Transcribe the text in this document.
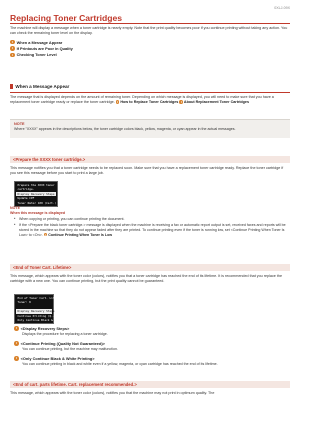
0XLJ-09X
Replacing Toner Cartridges
The machine will display a message when a toner cartridge is nearly empty. Note that the print quality becomes poor if you continue printing without taking any action. You can check the remaining toner level on the display.
When a Message Appear
If Printouts are Poor in Quality
Checking Toner Level
When a Message Appear
The message that is displayed depends on the amount of remaining toner. Depending on which message is displayed, you will need to make sure that you have a replacement toner cartridge ready or replace the toner cartridge. How to Replace Toner Cartridges About Replacement Toner Cartridges
NOTE
Where "XXXX" appears in the descriptions below, the toner cartridge colors black, yellow, magenta, or cyan appear in the actual messages.
<Prepare the XXXX toner cartridge.>
This message notifies you that a toner cartridge needs to be replaced soon. Make sure that you have a replacement toner cartridge ready. Replace the toner cartridge if you see this message before you start to print a large job.
Prepare the XXXX toner
cartridge.
Display Recovery Steps
Update CPF
Toner Nator 100 (Cart.)
NOTE
When this message is displayed
■ When copying or printing, you can continue printing the document.
■ If the <Prepare the black toner cartridge.> message is displayed when the machine is receiving a fax or automatic report output is set, received faxes and reports will be stored in the machine so that they do not appear faded after they are printed. To continue printing even if the toner is running low, set <Continue Printing When Toner Is Low> to <On>. Continue Printing When Toner Is Low
<End of Toner Cart. Lifetime>
This message, which appears with the toner color (colors), notifies you that a toner cartridge has reached the end of its lifetime. It is recommended that you replace the cartridge with a new one. You can continue printing, but the print quality cannot be guaranteed.
End of Toner Cart. Lifetime
Toner: K
Display Recovery Steps
Continue Printing (Q...
Only Continue Black & White
<Display Recovery Steps>
Displays the procedure for replacing a toner cartridge.
<Continue Printing (Quality Not Guaranteed)>
You can continue printing, but the machine may malfunction.
<Only Continue Black & White Printing>
You can continue printing in black and white even if a yellow, magenta, or cyan cartridge has reached the end of its lifetime.
<End of cart. parts lifetime. Cart. replacement recommended.>
This message, which appears with the toner color (colors), notifies you that the machine may not print in optimum quality. The
